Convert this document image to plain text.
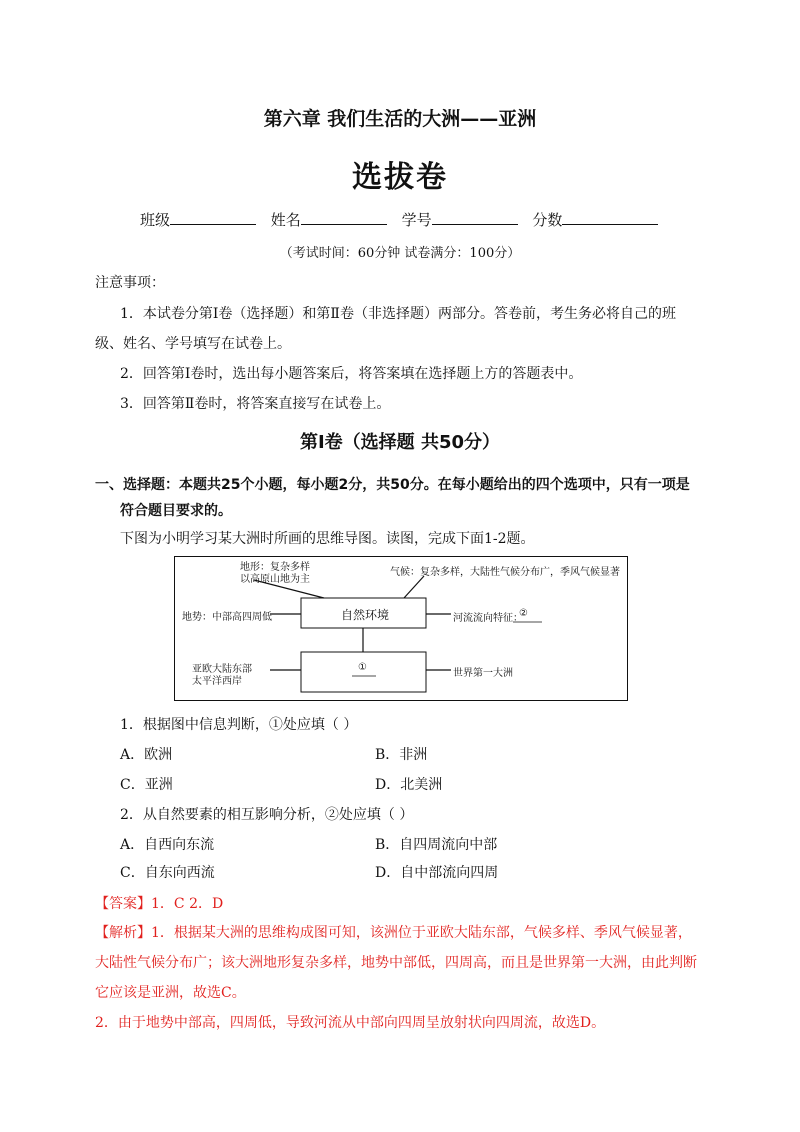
第六章 我们生活的大洲——亚洲
选拔卷
班级	姓名	学号	分数
（考试时间：60分钟 试卷满分：100分）
注意事项：
1．本试卷分第Ⅰ卷（选择题）和第Ⅱ卷（非选择题）两部分。答卷前，考生务必将自己的班
级、姓名、学号填写在试卷上。
2．回答第Ⅰ卷时，选出每小题答案后，将答案填在选择题上方的答题表中。
3．回答第Ⅱ卷时，将答案直接写在试卷上。
第Ⅰ卷（选择题 共50分）
一、选择题：本题共25个小题，每小题2分，共50分。在每小题给出的四个选项中，只有一项是
符合题目要求的。
下图为小明学习某大洲时所画的思维导图。读图，完成下面1-2题。
地形：复杂多样
以高原山地为主
气候：复杂多样，大陆性气候分布广，季风气候显著
地势：中部高四周低	自然环境	河流流向特征：
②
亚欧大陆东部
太平洋西岸
①
世界第一大洲
1．根据图中信息判断，①处应填（ ）
A．欧洲	B．非洲
C．亚洲	D．北美洲
2．从自然要素的相互影响分析，②处应填（ ）
A．自西向东流	B．自四周流向中部
C．自东向西流	D．自中部流向四周
【答案】1．C 2．D
【解析】1．根据某大洲的思维构成图可知，该洲位于亚欧大陆东部，气候多样、季风气候显著，
大陆性气候分布广；该大洲地形复杂多样，地势中部低，四周高，而且是世界第一大洲，由此判断
它应该是亚洲，故选C。
2．由于地势中部高，四周低，导致河流从中部向四周呈放射状向四周流，故选D。
